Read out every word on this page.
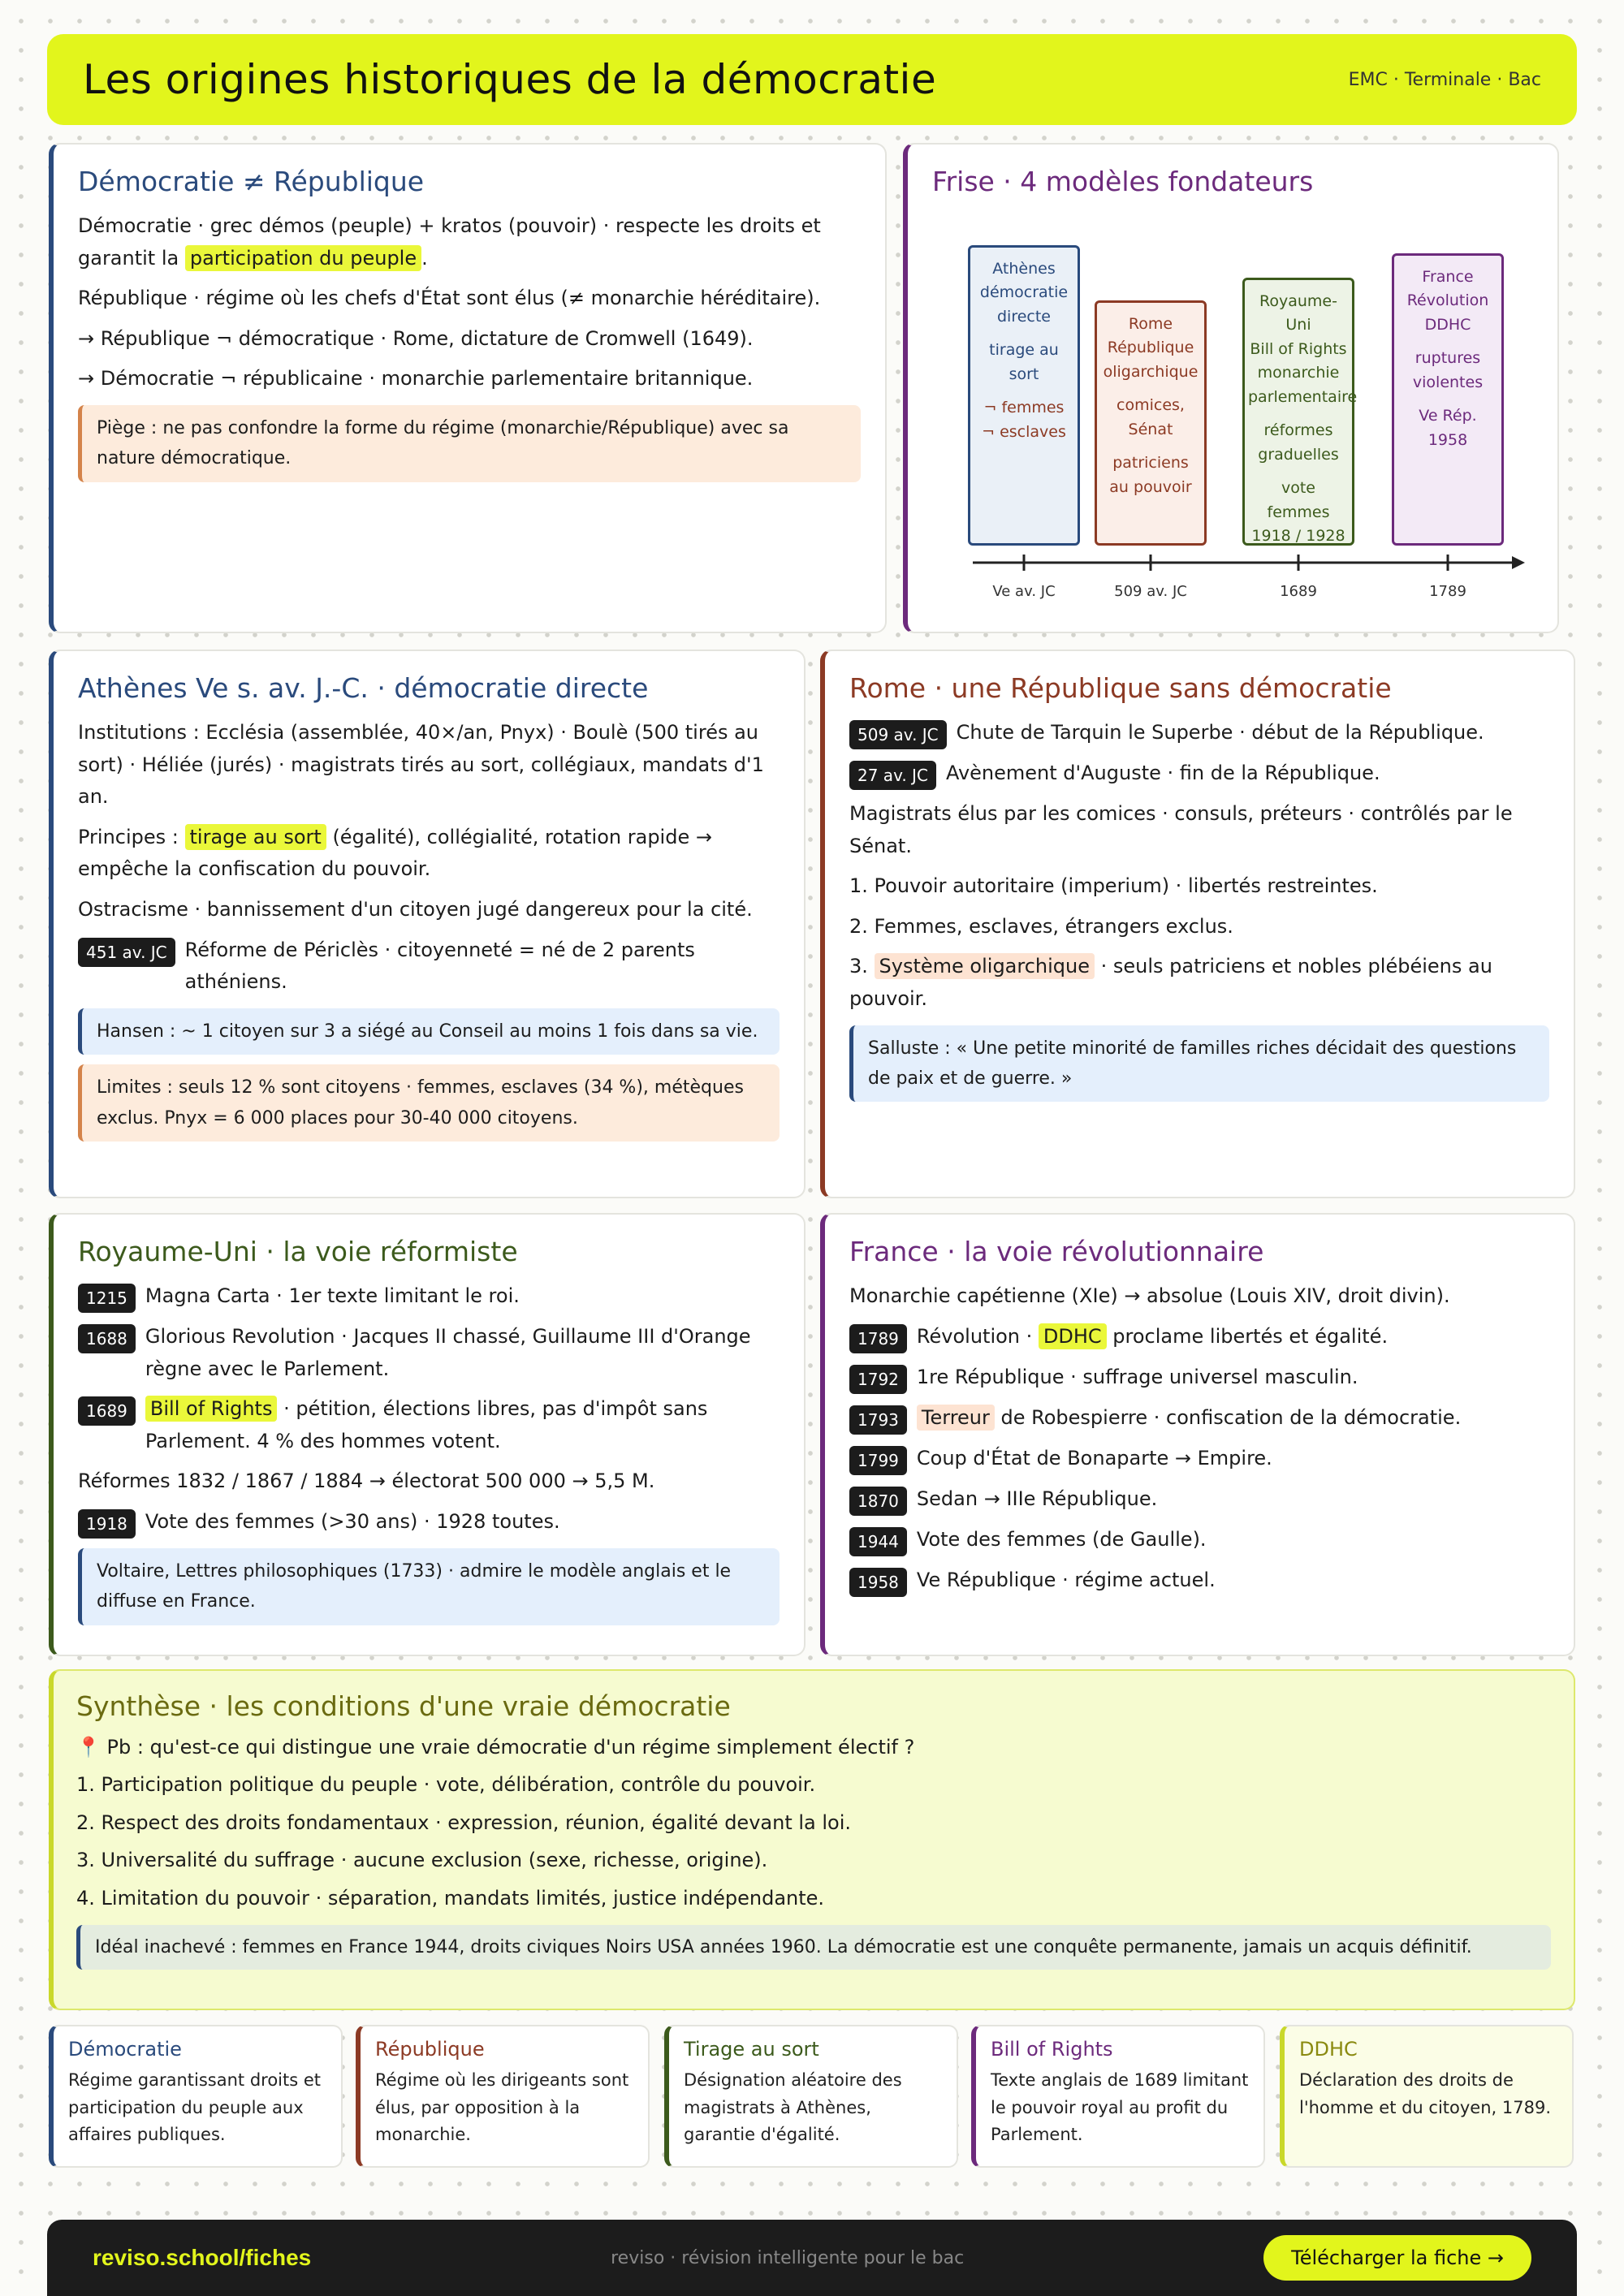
Les origines historiques de la démocratie	EMC · Terminale · Bac
Démocratie ≠ République

Démocratie · grec démos (peuple) + kratos (pouvoir) · respecte les droits et garantit la participation du peuple .

République · régime où les chefs d'État sont élus (≠ monarchie héréditaire).

→ République ¬ démocratique · Rome, dictature de Cromwell (1649).

→ Démocratie ¬ républicaine · monarchie parlementaire britannique.

Piège : ne pas confondre la forme du régime (monarchie/République) avec sa nature démocratique.
Frise · 4 modèles fondateurs
Athènes
démocratie
directe
tirage au
sort
¬ femmes
¬ esclaves
Rome
République
oligarchique
comices,
Sénat
patriciens
au pouvoir
Royaume-Uni
Bill of Rights
monarchie
parlementaire
réformes
graduelles
vote femmes
1918 / 1928
France
Révolution
DDHC
ruptures
violentes
Ve Rép.
1958
Ve av. JC	509 av. JC	1689	1789
Athènes Ve s. av. J.-C. · démocratie directe

Institutions : Ecclésia (assemblée, 40×/an, Pnyx) · Boulè (500 tirés au sort) · Héliée (jurés) · magistrats tirés au sort, collégiaux, mandats d'1 an.

Principes : tirage au sort (égalité), collégialité, rotation rapide → empêche la confiscation du pouvoir.

Ostracisme · bannissement d'un citoyen jugé dangereux pour la cité.

451 av. JC Réforme de Périclès · citoyenneté = né de 2 parents athéniens.
Hansen : ~ 1 citoyen sur 3 a siégé au Conseil au moins 1 fois dans sa vie.
Limites : seuls 12 % sont citoyens · femmes, esclaves (34 %), métèques exclus. Pnyx = 6 000 places pour 30-40 000 citoyens.
Rome · une République sans démocratie
509 av. JC Chute de Tarquin le Superbe · début de la République.
27 av. JC Avènement d'Auguste · fin de la République.

Magistrats élus par les comices · consuls, préteurs · contrôlés par le Sénat.

1. Pouvoir autoritaire (imperium) · libertés restreintes.

2. Femmes, esclaves, étrangers exclus.

3. Système oligarchique · seuls patriciens et nobles plébéiens au pouvoir.

Salluste : « Une petite minorité de familles riches décidait des questions de paix et de guerre. »
Royaume-Uni · la voie réformiste
1215 Magna Carta · 1er texte limitant le roi.
1688 Glorious Revolution · Jacques II chassé, Guillaume III d'Orange règne avec le Parlement.
1689	Bill of Rights · pétition, élections libres, pas d'impôt sans Parlement. 4 % des hommes votent.

Réformes 1832 / 1867 / 1884 → électorat 500 000 → 5,5 M.

1918 Vote des femmes (>30 ans) · 1928 toutes.
Voltaire, Lettres philosophiques (1733) · admire le modèle anglais et le diffuse en France.
France · la voie révolutionnaire

Monarchie capétienne (XIe) → absolue (Louis XIV, droit divin).

1789 Révolution · DDHC proclame libertés et égalité.
1792 1re République · suffrage universel masculin.
1793	Terreur de Robespierre · confiscation de la démocratie.
1799 Coup d'État de Bonaparte → Empire.
1870 Sedan → IIIe République.
1944 Vote des femmes (de Gaulle).
1958 Ve République · régime actuel.
Synthèse · les conditions d'une vraie démocratie
📍 Pb : qu'est-ce qui distingue une vraie démocratie d'un régime simplement électif ?
1. Participation politique du peuple · vote, délibération, contrôle du pouvoir.
2. Respect des droits fondamentaux · expression, réunion, égalité devant la loi.
3. Universalité du suffrage · aucune exclusion (sexe, richesse, origine).
4. Limitation du pouvoir · séparation, mandats limités, justice indépendante.
Idéal inachevé : femmes en France 1944, droits civiques Noirs USA années 1960. La démocratie est une conquête permanente, jamais un acquis définitif.
Démocratie
Régime garantissant droits et participation du peuple aux affaires publiques.
République
Régime où les dirigeants sont élus, par opposition à la monarchie.
Tirage au sort
Désignation aléatoire des magistrats à Athènes, garantie d'égalité.
Bill of Rights
Texte anglais de 1689 limitant le pouvoir royal au profit du Parlement.
DDHC
Déclaration des droits de l'homme et du citoyen, 1789.
reviso.school/fiches	reviso · révision intelligente pour le bac	Télécharger la fiche →
